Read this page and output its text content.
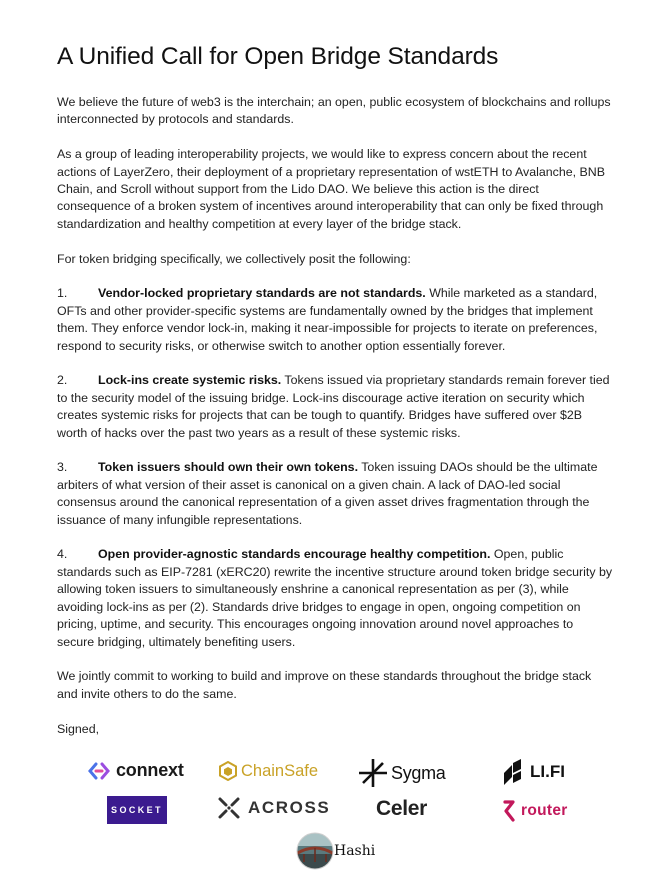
A Unified Call for Open Bridge Standards

We believe the future of web3 is the interchain; an open, public ecosystem of blockchains and rollups interconnected by protocols and standards.

As a group of leading interoperability projects, we would like to express concern about the recent actions of LayerZero, their deployment of a proprietary representation of wstETH to Avalanche, BNB Chain, and Scroll without support from the Lido DAO. We believe this action is the direct consequence of a broken system of incentives around interoperability that can only be fixed through standardization and healthy competition at every layer of the bridge stack.

For token bridging specifically, we collectively posit the following:

1. Vendor-locked proprietary standards are not standards. While marketed as a standard, OFTs and other provider-specific systems are fundamentally owned by the bridges that implement them. They enforce vendor lock-in, making it near-impossible for projects to iterate on preferences, respond to security risks, or otherwise switch to another option essentially forever.
2. Lock-ins create systemic risks. Tokens issued via proprietary standards remain forever tied to the security model of the issuing bridge. Lock-ins discourage active iteration on security which creates systemic risks for projects that can be tough to quantify. Bridges have suffered over $2B worth of hacks over the past two years as a result of these systemic risks.
3. Token issuers should own their own tokens. Token issuing DAOs should be the ultimate arbiters of what version of their asset is canonical on a given chain. A lack of DAO-led social consensus around the canonical representation of a given asset drives fragmentation through the issuance of many infungible representations.
4. Open provider-agnostic standards encourage healthy competition. Open, public standards such as EIP-7281 (xERC20) rewrite the incentive structure around token bridge security by allowing token issuers to simultaneously enshrine a canonical representation as per (3), while avoiding lock-ins as per (2). Standards drive bridges to engage in open, ongoing competition on pricing, uptime, and security. This encourages ongoing innovation around novel approaches to secure bridging, ultimately benefiting users.

We jointly commit to working to build and improve on these standards throughout the bridge stack and invite others to do the same.

Signed,

connext	ChainSafe	Sygma	LI.FI
SOCKET	ACROSS Celer	router
Hashi
